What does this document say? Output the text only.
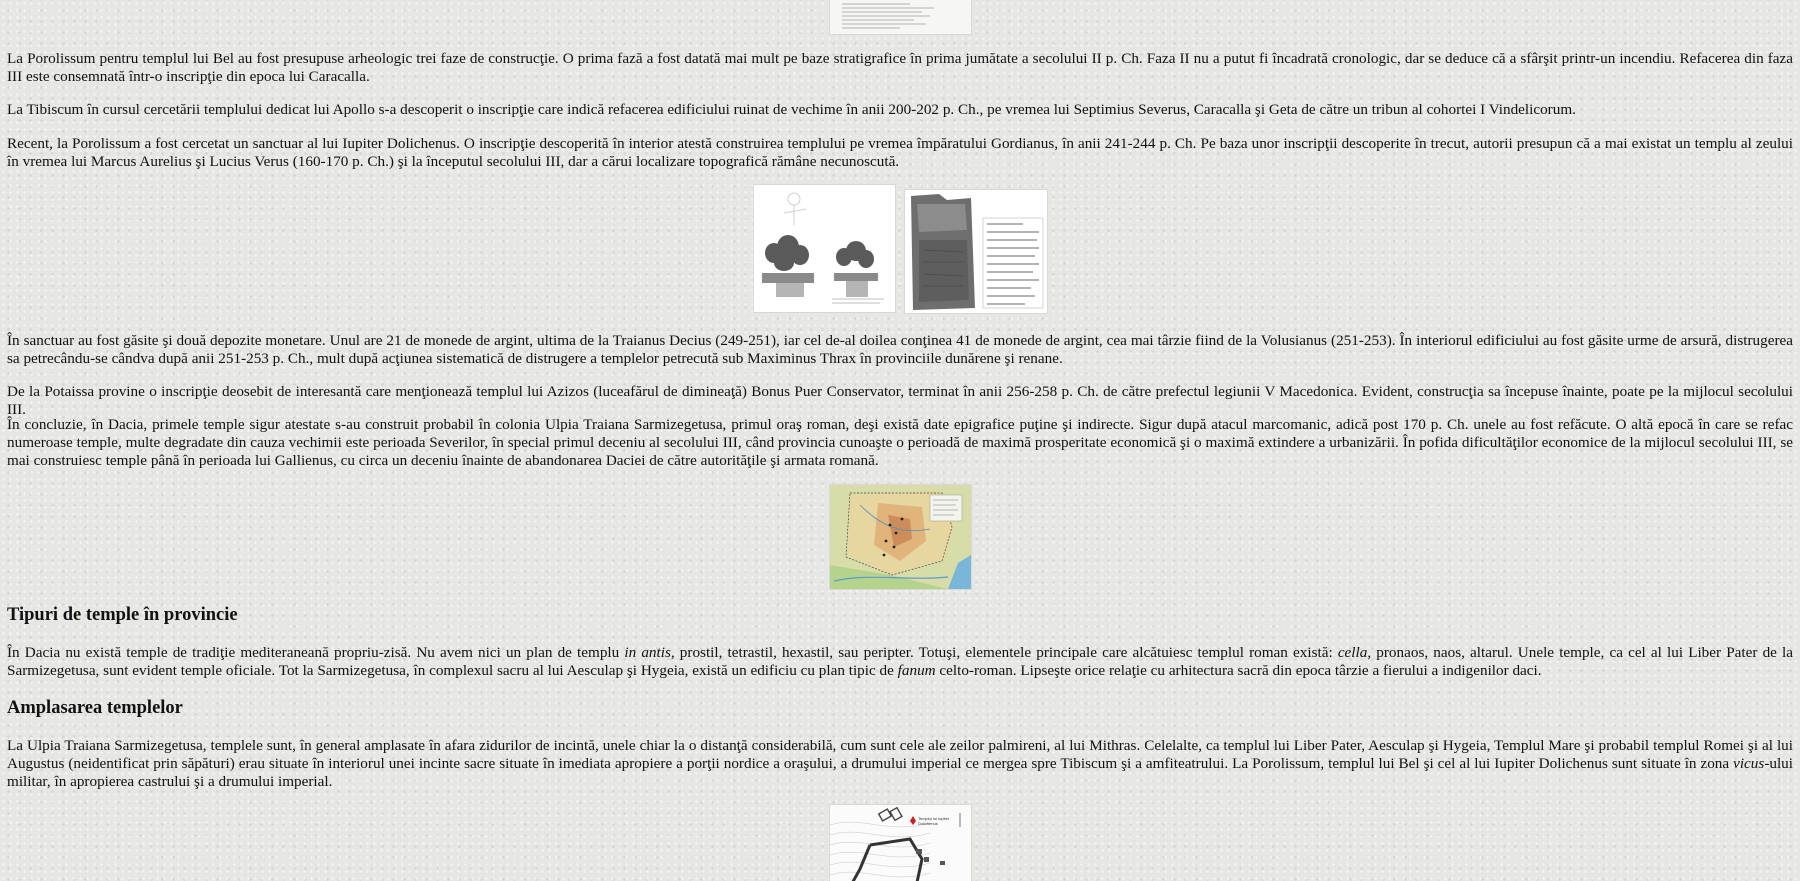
La Porolissum pentru templul lui Bel au fost presupuse arheologic trei faze de construcţie. O prima fază a fost datată mai mult pe baze stratigrafice în prima jumătate a secolului II p. Ch. Faza II nu a putut fi încadrată cronologic, dar se deduce că a sfârşit printr-un incendiu. Refacerea din faza III este consemnată într-o inscripţie din epoca lui Caracalla.

La Tibiscum în cursul cercetării templului dedicat lui Apollo s-a descoperit o inscripţie care indică refacerea edificiului ruinat de vechime în anii 200-202 p. Ch., pe vremea lui Septimius Severus, Caracalla şi Geta de către un tribun al cohortei I Vindelicorum.

Recent, la Porolissum a fost cercetat un sanctuar al lui Iupiter Dolichenus. O inscripţie descoperită în interior atestă construirea templului pe vremea împăratului Gordianus, în anii 241-244 p. Ch. Pe baza unor inscripţii descoperite în trecut, autorii presupun că a mai existat un templu al zeului în vremea lui Marcus Aurelius şi Lucius Verus (160-170 p. Ch.) şi la începutul secolului III, dar a cărui localizare topografică rămâne necunoscută.

În sanctuar au fost găsite şi două depozite monetare. Unul are 21 de monede de argint, ultima de la Traianus Decius (249-251), iar cel de-al doilea conţinea 41 de monede de argint, cea mai târzie fiind de la Volusianus (251-253). În interiorul edificiului au fost găsite urme de arsură, distrugerea sa petrecându-se cândva după anii 251-253 p. Ch., mult după acţiunea sistematică de distrugere a templelor petrecută sub Maximinus Thrax în provinciile dunărene şi renane.

De la Potaissa provine o inscripţie deosebit de interesantă care menţionează templul lui Azizos (luceafărul de dimineaţă) Bonus Puer Conservator, terminat în anii 256-258 p. Ch. de către prefectul legiunii V Macedonica. Evident, construcţia sa începuse înainte, poate pe la mijlocul secolului III.

În concluzie, în Dacia, primele temple sigur atestate s-au construit probabil în colonia Ulpia Traiana Sarmizegetusa, primul oraş roman, deşi există date epigrafice puţine şi indirecte. Sigur după atacul marcomanic, adică post 170 p. Ch. unele au fost refăcute. O altă epocă în care se refac numeroase temple, multe degradate din cauza vechimii este perioada Severilor, în special primul deceniu al secolului III, când provincia cunoaşte o perioadă de maximă prosperitate economică şi o maximă extindere a urbanizării. În pofida dificultăţilor economice de la mijlocul secolului III, se mai construiesc temple până în perioada lui Gallienus, cu circa un deceniu înainte de abandonarea Daciei de către autorităţile şi armata romană.

Tipuri de temple în provincie

În Dacia nu există temple de tradiţie mediteraneană propriu-zisă. Nu avem nici un plan de templu in antis, prostil, tetrastil, hexastil, sau peripter. Totuşi, elementele principale care alcătuiesc templul roman există: cella, pronaos, naos, altarul. Unele temple, ca cel al lui Liber Pater de la Sarmizegetusa, sunt evident temple oficiale. Tot la Sarmizegetusa, în complexul sacru al lui Aesculap şi Hygeia, există un edificiu cu plan tipic de fanum celto-roman. Lipseşte orice relaţie cu arhitectura sacră din epoca târzie a fierului a indigenilor daci.

Amplasarea templelor

La Ulpia Traiana Sarmizegetusa, templele sunt, în general amplasate în afara zidurilor de incintă, unele chiar la o distanţă considerabilă, cum sunt cele ale zeilor palmireni, al lui Mithras. Celelalte, ca templul lui Liber Pater, Aesculap şi Hygeia, Templul Mare şi probabil templul Romei şi al lui Augustus (neidentificat prin săpături) erau situate în interiorul unei incinte sacre situate în imediata apropiere a porţii nordice a oraşului, a drumului imperial ce mergea spre Tibiscum şi a amfiteatrului. La Porolissum, templul lui Bel şi cel al lui Iupiter Dolichenus sunt situate în zona vicus-ului militar, în apropierea castrului şi a drumului imperial.

Templul lui Iupiter
Dolichenus
